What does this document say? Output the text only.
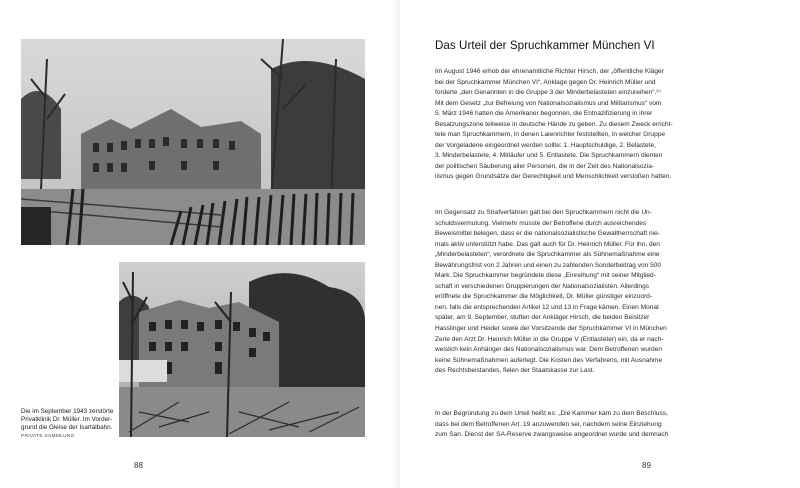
Die im September 1943 zerstörte
Privatklinik Dr. Müller. Im Vorder-
grund die Gleise der Isartalbahn.
PRIVATE SAMMLUNG
88
Das Urteil der Spruchkammer München VI

Im August 1946 erhob der ehrenamtliche Richter Hirsch, der „öffentliche Kläger

bei der Spruchkammer München VI“, Anklage gegen Dr. Heinrich Müller und

forderte „den Genannten in die Gruppe 3 der Minderbelasteten einzureihen“.⁶⁷

Mit dem Gesetz „zur Befreiung von Nationalsozialismus und Militarismus“ vom

5. März 1946 hatten die Amerikaner begonnen, die Entnazifizierung in ihrer

Besatzungszone teilweise in deutsche Hände zu geben. Zu diesem Zweck erricht-

tete man Spruchkammern, in denen Laienrichter feststellten, in welcher Gruppe

der Vorgeladene eingeordnet werden sollte: 1. Hauptschuldige, 2. Belastete,

3. Minderbelastete, 4. Mitläufer und 5. Entlastete. Die Spruchkammern dienten

der politischen Säuberung aller Personen, die in der Zeit des Nationalsozia-

lismus gegen Grundsätze der Gerechtigkeit und Menschlichkeit verstoßen hatten.

Im Gegensatz zu Strafverfahren galt bei den Spruchkammern nicht die Un-

schuldsvermutung. Vielmehr musste der Betroffene durch ausreichendes

Beweismittel belegen, dass er die nationalsozialistische Gewaltherrschaft nie-

mals aktiv unterstützt habe. Das galt auch für Dr. Heinrich Müller. Für ihn, den

„Minderbelasteten“, verordnete die Spruchkammer als Sühnemaßnahme eine

Bewährungsfrist von 2 Jahren und einen zu zahlenden Sonderbeitrag von 500

Mark. Die Spruchkammer begründete diese „Einreihung“ mit seiner Mitglied-

schaft in verschiedenen Gruppierungen der Nationalsozialisten. Allerdings

eröffnete die Spruchkammer die Möglichkeit, Dr. Müller günstiger einzuord-

nen, falls die entsprechenden Artikel 12 und 13 in Frage kämen. Einen Monat

später, am 9. September, stuften der Ankläger Hirsch, die beiden Beisitzer

Hasslinger und Heider sowie der Vorsitzende der Spruchkammer VI in München

Zerle den Arzt Dr. Heinrich Müller in die Gruppe V (Entlasteter) ein, da er nach-

weislich kein Anhänger des Nationalsozialismus war. Dem Betroffenen wurden

keine Sühnemaßnahmen auferlegt. Die Kosten des Verfahrens, mit Ausnahme

des Rechtsbeistandes, fielen der Staatskasse zur Last.

In der Begründung zu dem Urteil heißt es: „Die Kammer kam zu dem Beschluss,

dass bei dem Betroffenen Art. 19 anzuwenden sei, nachdem seine Einziehung

zum San. Dienst der SA-Reserve zwangsweise angeordnet wurde und demnach

89
